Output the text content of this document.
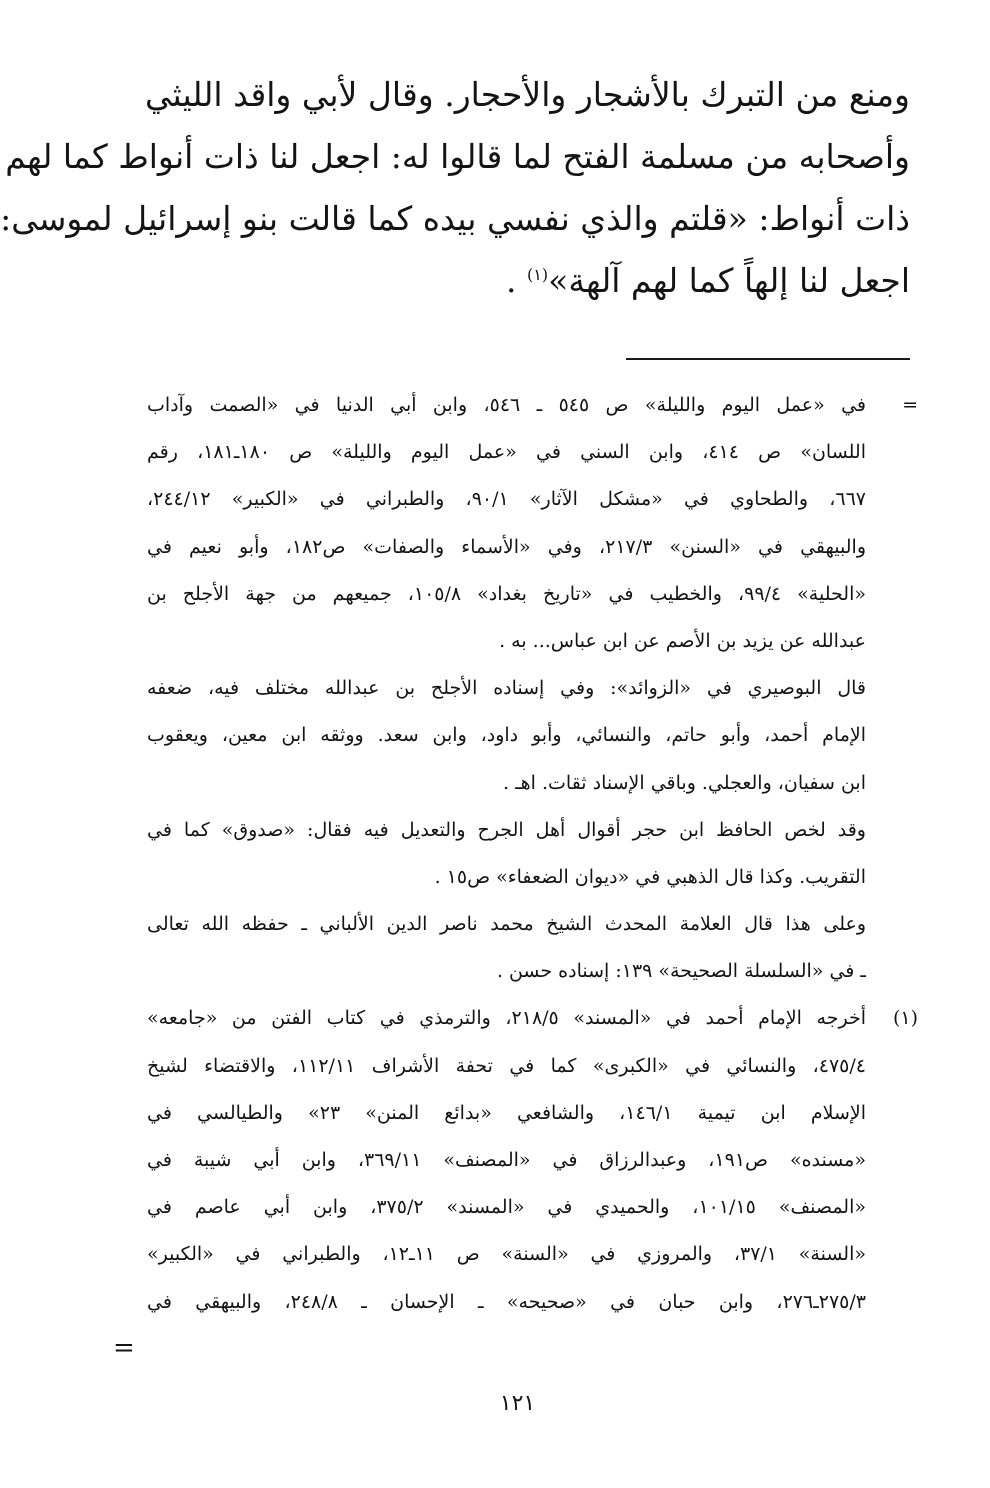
ومنع من التبرك بالأشجار والأحجار. وقال لأبي واقد الليثي
وأصحابه من مسلمة الفتح لما قالوا له: اجعل لنا ذات أنواط كما لهم
ذات أنواط: «قلتم والذي نفسي بيده كما قالت بنو إسرائيل لموسى:
اجعل لنا إلهاً كما لهم آلهة»$^{(١)}$ .
=
في «عمل اليوم والليلة» ص ٥٤٥ ـ ٥٤٦، وابن أبي الدنيا في «الصمت وآداب
اللسان» ص ٤١٤، وابن السني في «عمل اليوم والليلة» ص ١٨٠ـ١٨١، رقم
٦٦٧، والطحاوي في «مشكل الآثار» ٩٠/١، والطبراني في «الكبير» ٢٤٤/١٢،
والبيهقي في «السنن» ٢١٧/٣، وفي «الأسماء والصفات» ص١٨٢، وأبو نعيم في
«الحلية» ٩٩/٤، والخطيب في «تاريخ بغداد» ١٠٥/٨، جميعهم من جهة الأجلح بن
عبدالله عن يزيد بن الأصم عن ابن عباس... به .
قال البوصيري في «الزوائد»: وفي إسناده الأجلح بن عبدالله مختلف فيه، ضعفه
الإمام أحمد، وأبو حاتم، والنسائي، وأبو داود، وابن سعد. ووثقه ابن معين، ويعقوب
ابن سفيان، والعجلي. وباقي الإسناد ثقات. اهـ .
وقد لخص الحافظ ابن حجر أقوال أهل الجرح والتعديل فيه فقال: «صدوق» كما في
التقريب. وكذا قال الذهبي في «ديوان الضعفاء» ص١٥ .
وعلى هذا قال العلامة المحدث الشيخ محمد ناصر الدين الألباني ـ حفظه الله تعالى
ـ في «السلسلة الصحيحة» ١٣٩: إسناده حسن .
(١)
أخرجه الإمام أحمد في «المسند» ٢١٨/٥، والترمذي في كتاب الفتن من «جامعه»
٤٧٥/٤، والنسائي في «الكبرى» كما في تحفة الأشراف ١١٢/١١، والاقتضاء لشيخ
الإسلام ابن تيمية ١٤٦/١، والشافعي «بدائع المنن» ٢٣» والطيالسي في
«مسنده» ص١٩١، وعبدالرزاق في «المصنف» ٣٦٩/١١، وابن أبي شيبة في
«المصنف» ١٠١/١٥، والحميدي في «المسند» ٣٧٥/٢، وابن أبي عاصم في
«السنة» ٣٧/١، والمروزي في «السنة» ص ١١ـ١٢، والطبراني في «الكبير»
٢٧٥/٣ـ٢٧٦، وابن حبان في «صحيحه» ـ الإحسان ـ ٢٤٨/٨، والبيهقي في
=
١٢١
